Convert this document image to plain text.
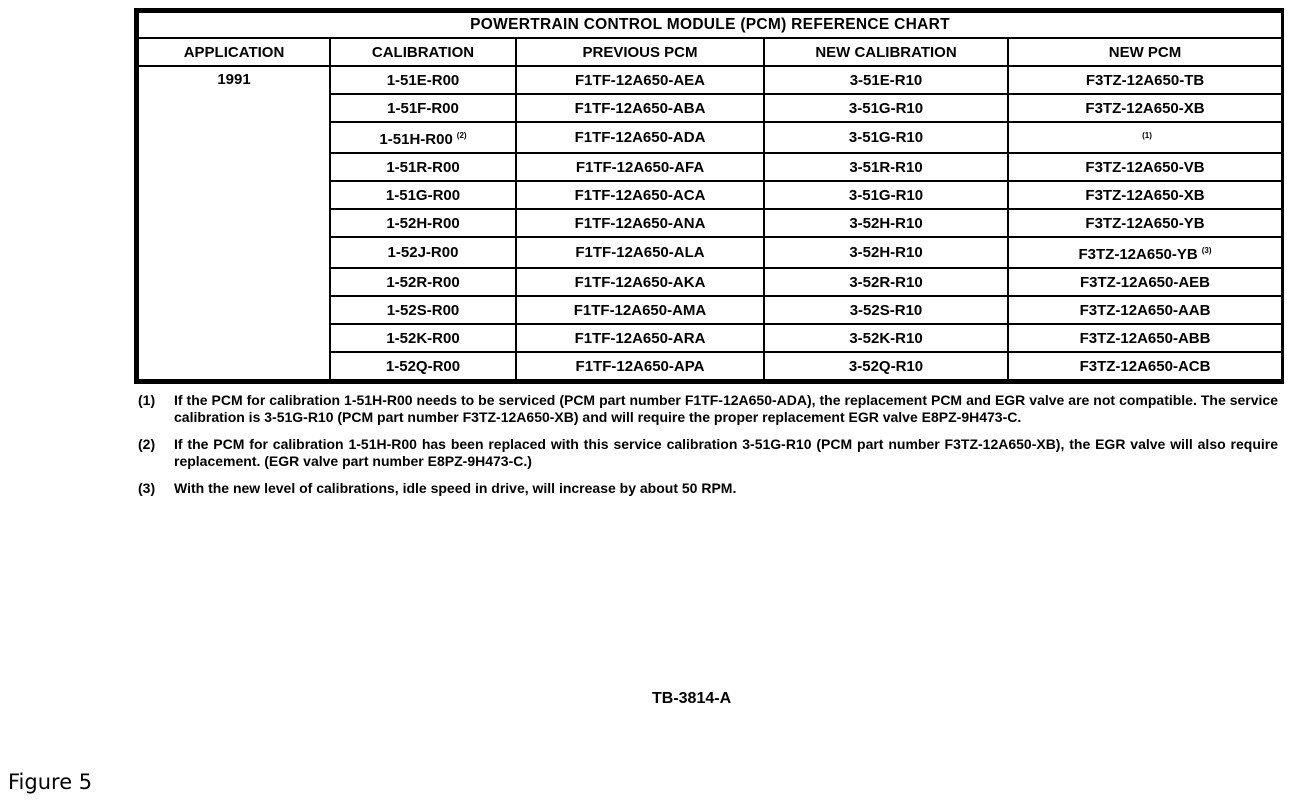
POWERTRAIN CONTROL MODULE (PCM) REFERENCE CHART				
APPLICATION	CALIBRATION	PREVIOUS PCM	NEW CALIBRATION	NEW PCM
1991	1-51E-R00	F1TF-12A650-AEA	3-51E-R10	F3TZ-12A650-TB
	1-51F-R00	F1TF-12A650-ABA	3-51G-R10	F3TZ-12A650-XB
	1-51H-R00 $^{(2)}$	F1TF-12A650-ADA	3-51G-R10	$^{(1)}$
	1-51R-R00	F1TF-12A650-AFA	3-51R-R10	F3TZ-12A650-VB
	1-51G-R00	F1TF-12A650-ACA	3-51G-R10	F3TZ-12A650-XB
	1-52H-R00	F1TF-12A650-ANA	3-52H-R10	F3TZ-12A650-YB
	1-52J-R00	F1TF-12A650-ALA	3-52H-R10	F3TZ-12A650-YB $^{(3)}$
	1-52R-R00	F1TF-12A650-AKA	3-52R-R10	F3TZ-12A650-AEB
	1-52S-R00	F1TF-12A650-AMA	3-52S-R10	F3TZ-12A650-AAB
	1-52K-R00	F1TF-12A650-ARA	3-52K-R10	F3TZ-12A650-ABB
	1-52Q-R00	F1TF-12A650-APA	3-52Q-R10	F3TZ-12A650-ACB
(1)	If the PCM for calibration 1-51H-R00 needs to be serviced (PCM part number F1TF-12A650-ADA), the replacement PCM and EGR valve are not compatible. The service calibration is 3-51G-R10 (PCM part number F3TZ-12A650-XB) and will require the proper replacement EGR valve E8PZ-9H473-C.
(2)	If the PCM for calibration 1-51H-R00 has been replaced with this service calibration 3-51G-R10 (PCM part number F3TZ-12A650-XB), the EGR valve will also require replacement. (EGR valve part number E8PZ-9H473-C.)
(3)	With the new level of calibrations, idle speed in drive, will increase by about 50 RPM.
TB-3814-A
Figure 5
